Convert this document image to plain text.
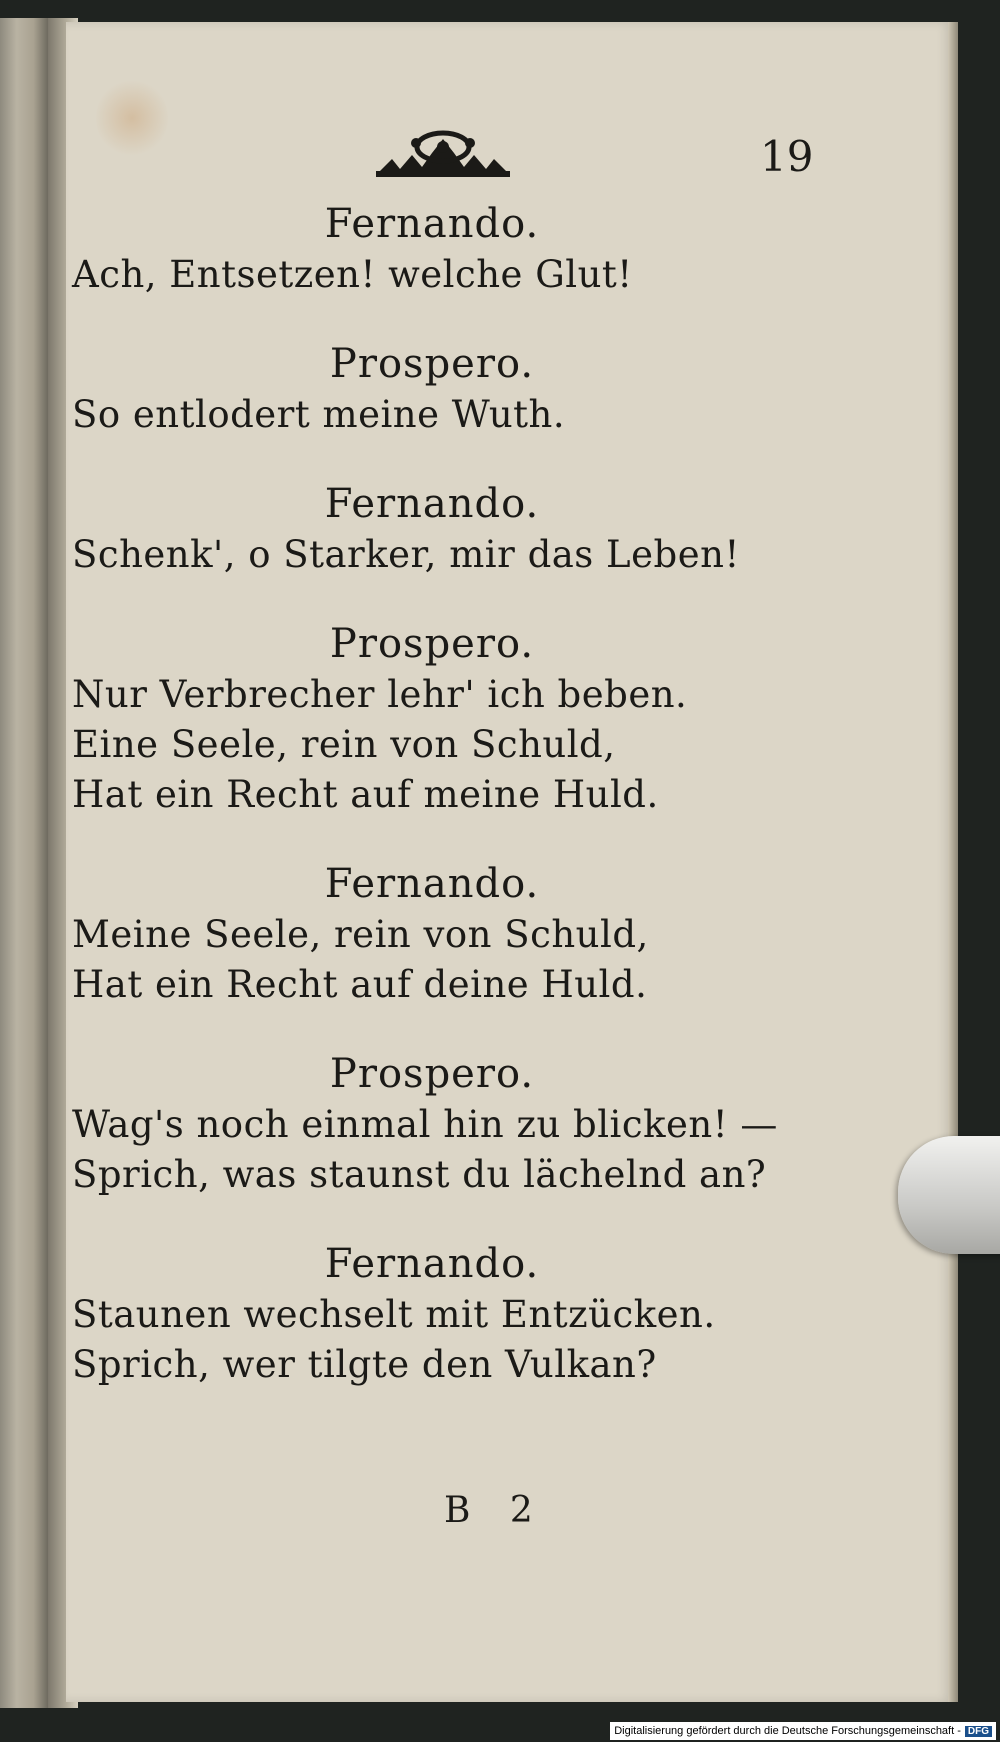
19
Fernando.
Ach, Entsetzen! welche Glut!
Prospero.
So entlodert meine Wuth.
Fernando.
Schenk', o Starker, mir das Leben!
Prospero.
Nur Verbrecher lehr' ich beben.
Eine Seele, rein von Schuld,
Hat ein Recht auf meine Huld.
Fernando.
Meine Seele, rein von Schuld,
Hat ein Recht auf deine Huld.
Prospero.
Wag's noch einmal hin zu blicken! —
Sprich, was staunst du lächelnd an?
Fernando.
Staunen wechselt mit Entzücken.
Sprich, wer tilgte den Vulkan?
B 2
Digitalisierung gefördert durch die Deutsche Forschungsgemeinschaft - DFG
